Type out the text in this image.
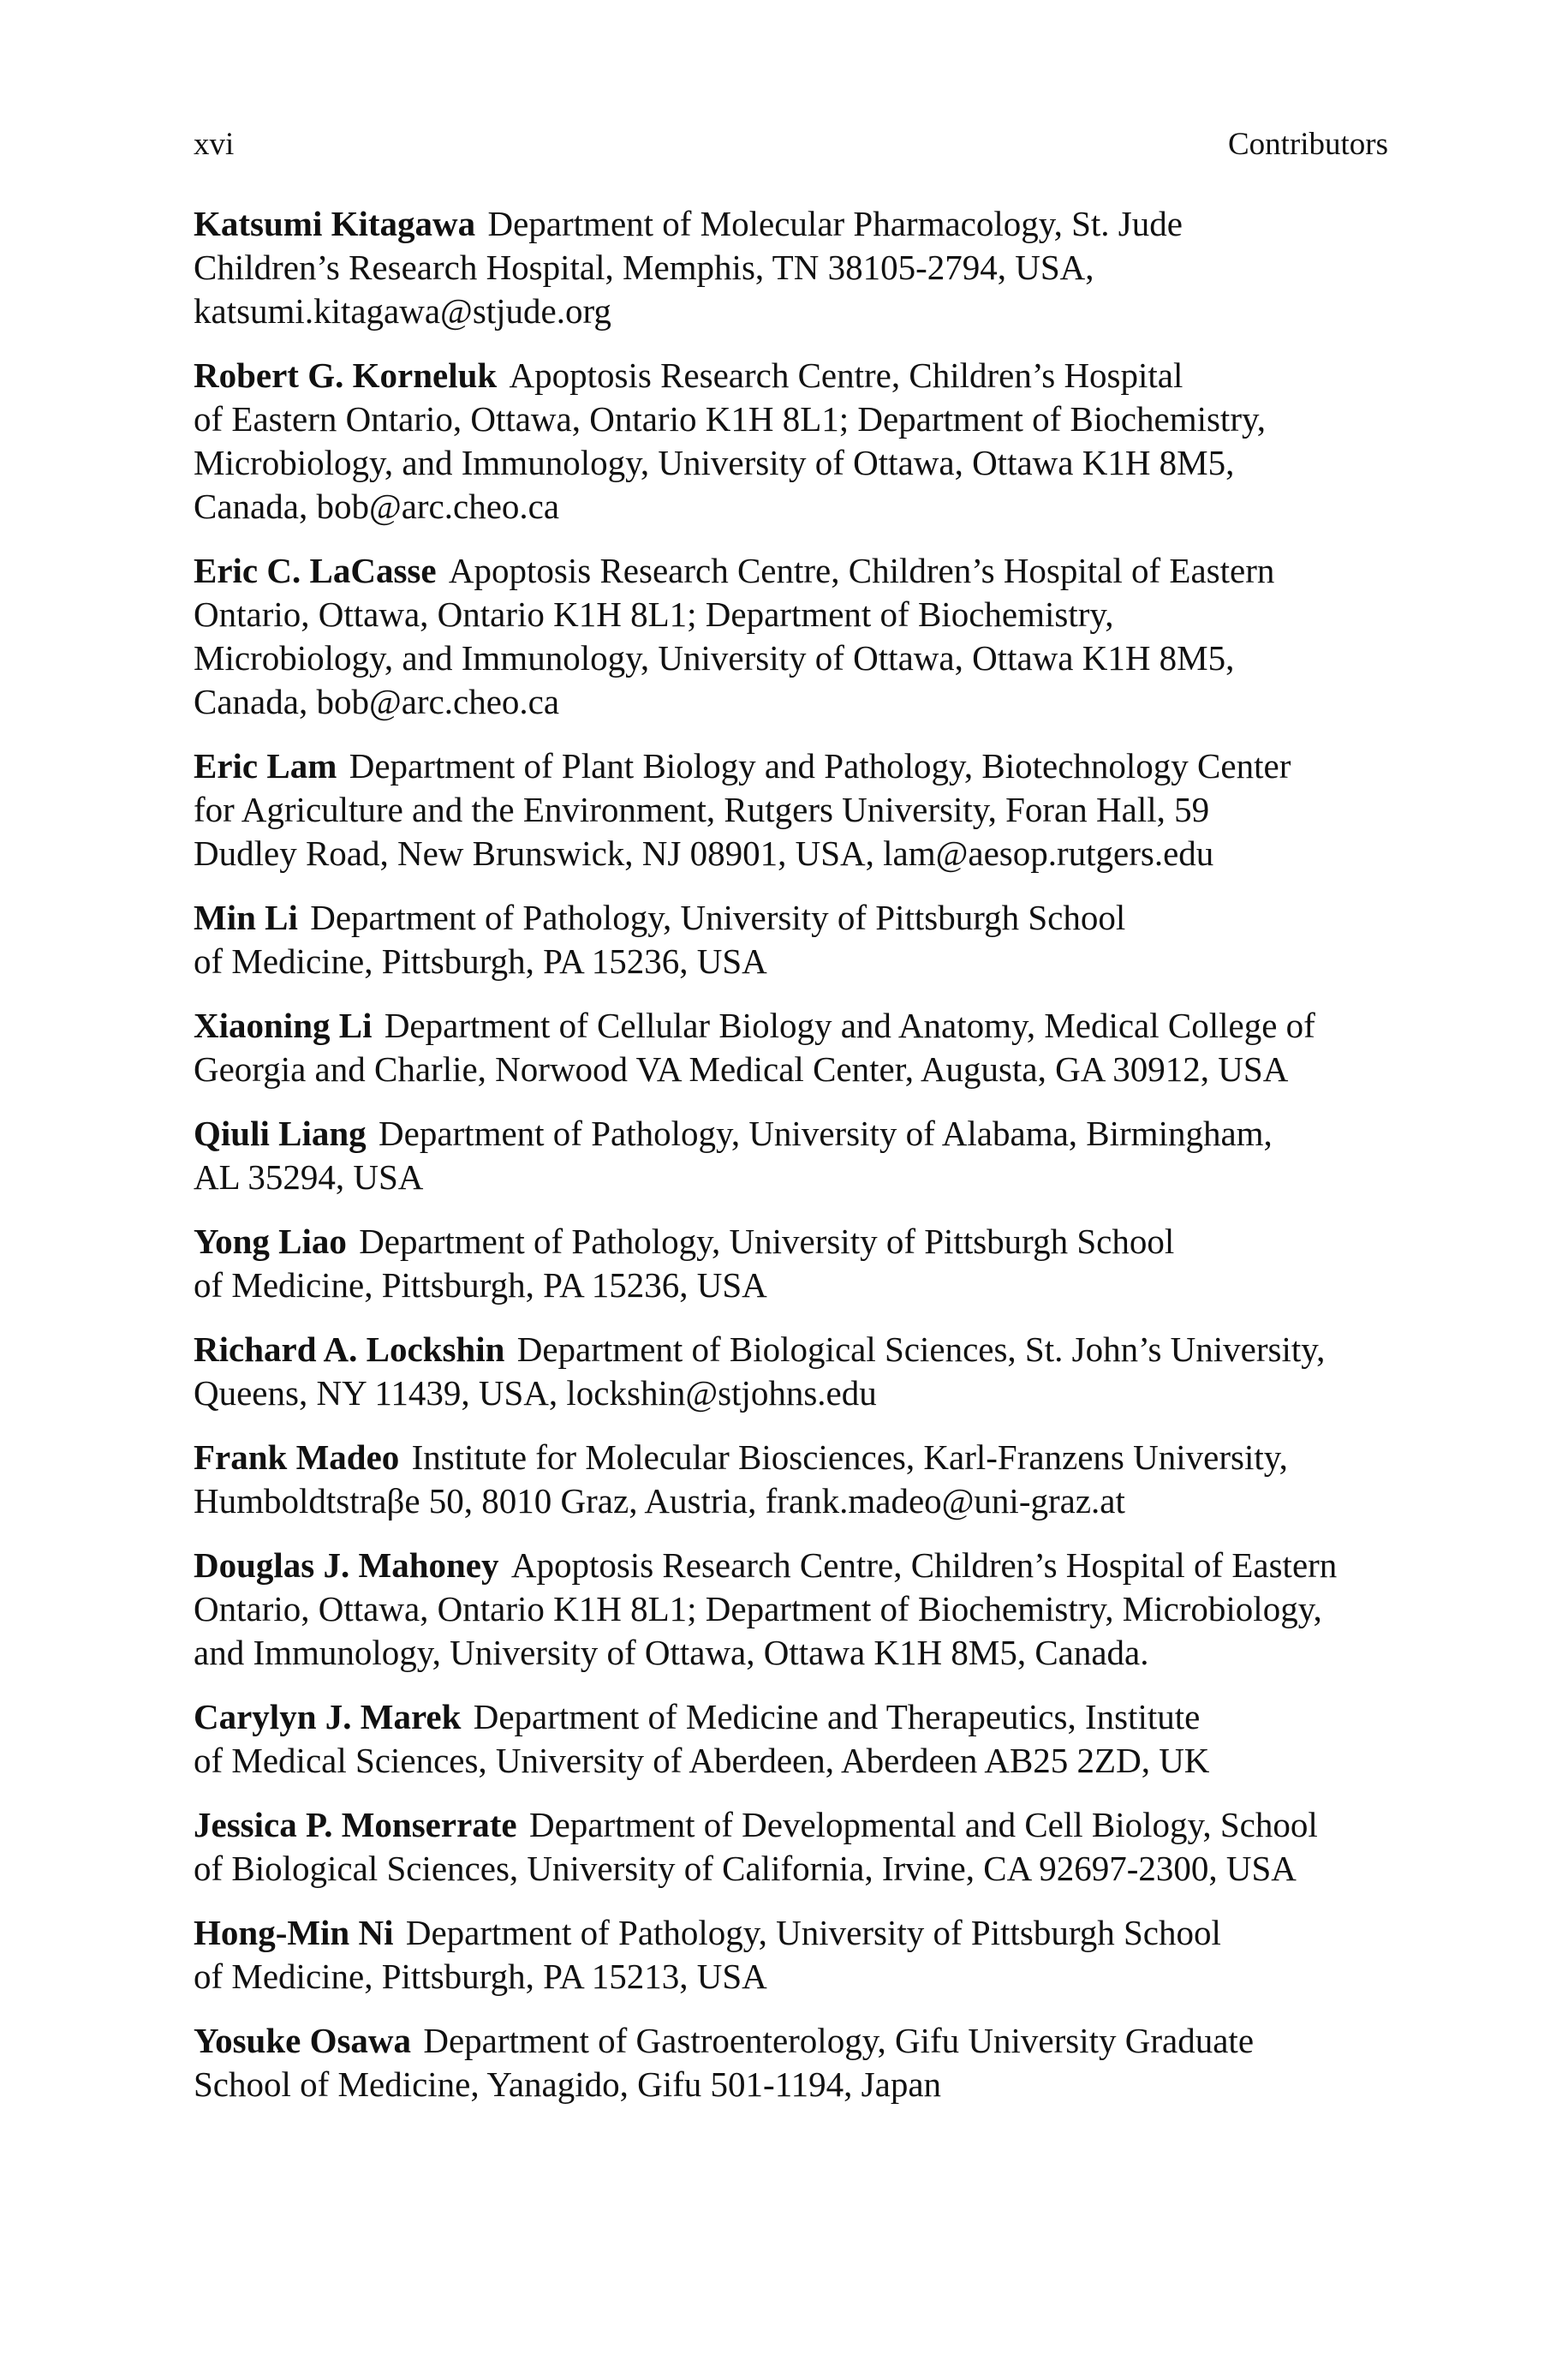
xvi	Contributors
Katsumi Kitagawa Department of Molecular Pharmacology, St. Jude
Children’s Research Hospital, Memphis, TN 38105-2794, USA,
katsumi.kitagawa@stjude.org
Robert G. Korneluk Apoptosis Research Centre, Children’s Hospital
of Eastern Ontario, Ottawa, Ontario K1H 8L1; Department of Biochemistry,
Microbiology, and Immunology, University of Ottawa, Ottawa K1H 8M5,
Canada, bob@arc.cheo.ca
Eric C. LaCasse Apoptosis Research Centre, Children’s Hospital of Eastern
Ontario, Ottawa, Ontario K1H 8L1; Department of Biochemistry,
Microbiology, and Immunology, University of Ottawa, Ottawa K1H 8M5,
Canada, bob@arc.cheo.ca
Eric Lam Department of Plant Biology and Pathology, Biotechnology Center
for Agriculture and the Environment, Rutgers University, Foran Hall, 59
Dudley Road, New Brunswick, NJ 08901, USA, lam@aesop.rutgers.edu
Min Li Department of Pathology, University of Pittsburgh School
of Medicine, Pittsburgh, PA 15236, USA
Xiaoning Li Department of Cellular Biology and Anatomy, Medical College of
Georgia and Charlie, Norwood VA Medical Center, Augusta, GA 30912, USA
Qiuli Liang Department of Pathology, University of Alabama, Birmingham,
AL 35294, USA
Yong Liao Department of Pathology, University of Pittsburgh School
of Medicine, Pittsburgh, PA 15236, USA
Richard A. Lockshin Department of Biological Sciences, St. John’s University,
Queens, NY 11439, USA, lockshin@stjohns.edu
Frank Madeo Institute for Molecular Biosciences, Karl-Franzens University,
Humboldtstraβe 50, 8010 Graz, Austria, frank.madeo@uni-graz.at
Douglas J. Mahoney Apoptosis Research Centre, Children’s Hospital of Eastern
Ontario, Ottawa, Ontario K1H 8L1; Department of Biochemistry, Microbiology,
and Immunology, University of Ottawa, Ottawa K1H 8M5, Canada.
Carylyn J. Marek Department of Medicine and Therapeutics, Institute
of Medical Sciences, University of Aberdeen, Aberdeen AB25 2ZD, UK
Jessica P. Monserrate Department of Developmental and Cell Biology, School
of Biological Sciences, University of California, Irvine, CA 92697-2300, USA
Hong-Min Ni Department of Pathology, University of Pittsburgh School
of Medicine, Pittsburgh, PA 15213, USA
Yosuke Osawa Department of Gastroenterology, Gifu University Graduate
School of Medicine, Yanagido, Gifu 501-1194, Japan
